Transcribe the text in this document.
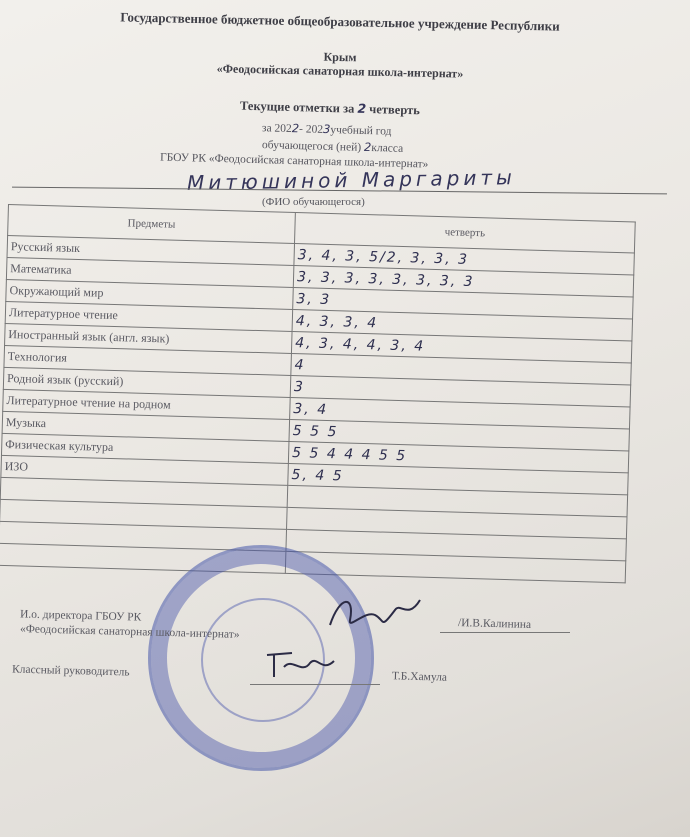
Государственное бюджетное общеобразовательное учреждение Республики
Крым
«Феодосийская санаторная школа-интернат»
Текущие отметки за 2 четверть
за 2022- 2023учебный год
обучающегося (ней) 2класса
ГБОУ РК «Феодосийская санаторная школа-интернат»
Митюшиной Маргариты
(ФИО обучающегося)
Предметы	четверть
Русский язык	3, 4, 3, 5/2, 3, 3, 3
Математика	3, 3, 3, 3, 3, 3, 3, 3
Окружающий мир	3, 3
Литературное чтение	4, 3, 3, 4
Иностранный язык (англ. язык)	4, 3, 4, 4, 3, 4
Технология	4
Родной язык (русский)	3
Литературное чтение на родном	3, 4
Музыка	5 5 5
Физическая культура	5 5 4 4 4 5 5
ИЗО	5, 4 5

И.о. директора ГБОУ РК
«Феодосийская санаторная школа-интернат»	/И.В.Калинина
Классный руководитель	Т.Б.Хамула
